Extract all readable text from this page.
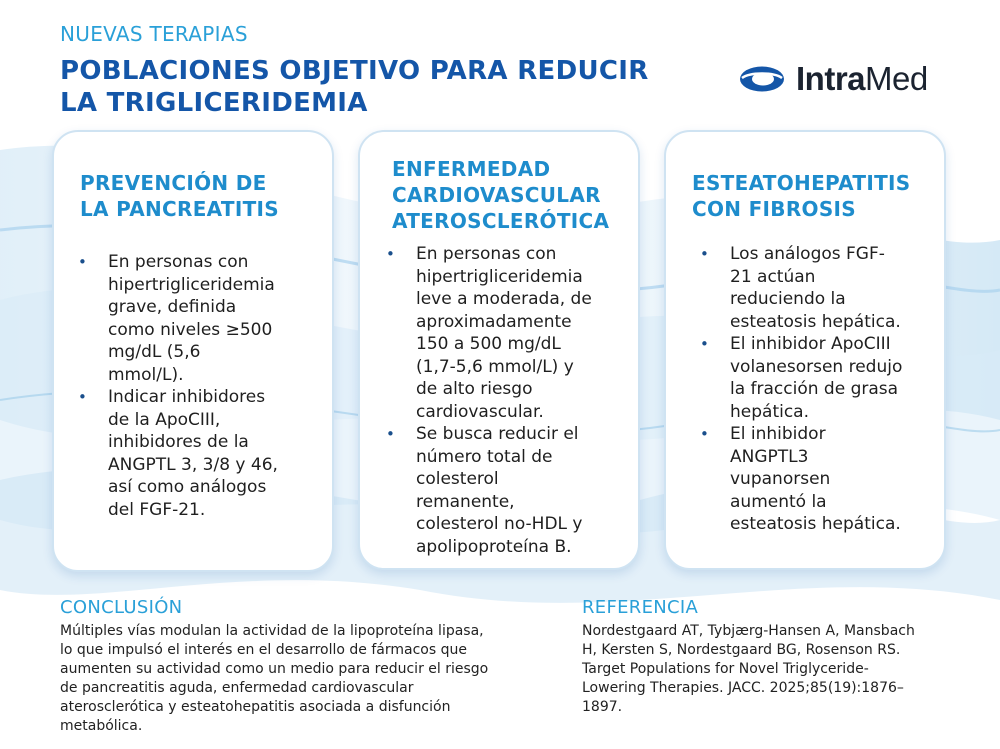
NUEVAS TERAPIAS
POBLACIONES OBJETIVO PARA REDUCIR
LA TRIGLICERIDEMIA
IntraMed
PREVENCIÓN DE
LA PANCREATITIS
• En personas con
hipertrigliceridemia
grave, definida
como niveles ≥500
mg/dL (5,6
mmol/L).
• Indicar inhibidores
de la ApoCIII,
inhibidores de la
ANGPTL 3, 3/8 y 46,
así como análogos
del FGF-21.
ENFERMEDAD
CARDIOVASCULAR
ATEROSCLERÓTICA
• En personas con
hipertrigliceridemia
leve a moderada, de
aproximadamente
150 a 500 mg/dL
(1,7-5,6 mmol/L) y
de alto riesgo
cardiovascular.
• Se busca reducir el
número total de
colesterol
remanente,
colesterol no-HDL y
apolipoproteína B.
ESTEATOHEPATITIS
CON FIBROSIS
• Los análogos FGF-
21 actúan
reduciendo la
esteatosis hepática.
• El inhibidor ApoCIII
volanesorsen redujo
la fracción de grasa
hepática.
• El inhibidor
ANGPTL3
vupanorsen
aumentó la
esteatosis hepática.
CONCLUSIÓN
Múltiples vías modulan la actividad de la lipoproteína lipasa,
lo que impulsó el interés en el desarrollo de fármacos que
aumenten su actividad como un medio para reducir el riesgo
de pancreatitis aguda, enfermedad cardiovascular
aterosclerótica y esteatohepatitis asociada a disfunción
metabólica.
REFERENCIA
Nordestgaard AT, Tybjærg-Hansen A, Mansbach
H, Kersten S, Nordestgaard BG, Rosenson RS.
Target Populations for Novel Triglyceride-
Lowering Therapies. JACC. 2025;85(19):1876–
1897.
